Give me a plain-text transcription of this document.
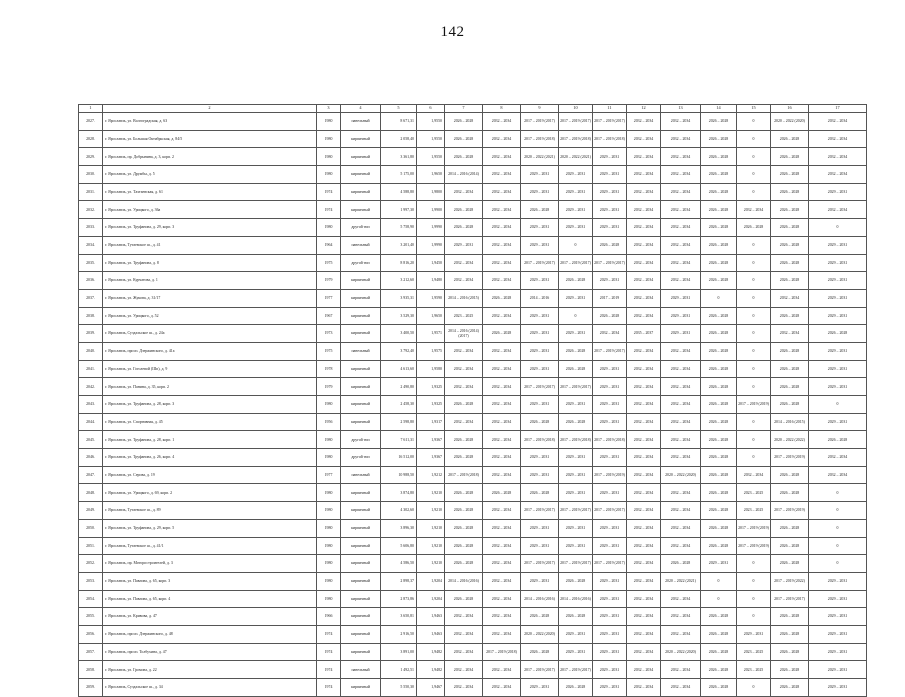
142
1	2	3	4	5	6	7	8	9	10	11	12	13	14	15	16	17
2027.	г. Ярославль, ул. Волгоградская, д. 63	1980	панельный	8 671,31	1,9550	2026 – 2028	2032 – 2034	2017 – 2019 (2017)	2017 – 2019 (2017)	2017 – 2019 (2017)	2032 – 2034	2032 – 2034	2026 – 2028	0	2020 – 2022 (2020)	2032 – 2034
2028.	г. Ярославль, ул. Большая Октябрьская, д. 84/5	1980	кирпичный	2 058,40	1,9550	2026 – 2028	2032 – 2034	2017 – 2019 (2018)	2017 – 2019 (2018)	2017 – 2019 (2018)	2032 – 2034	2032 – 2034	2026 – 2028	0	2026 – 2028	2032 – 2034
2029.	г. Ярославль, пр. Добрынина, д. 3, корп. 2	1980	кирпичный	3 361,80	1,9550	2026 – 2028	2032 – 2034	2020 – 2022 (2021)	2020 – 2022 (2021)	2029 – 2031	2032 – 2034	2032 – 2034	2026 – 2028	0	2026 – 2028	2032 – 2034
2030.	г. Ярославль, ул. Дружбы, д. 5	1980	кирпичный	5 175,00	1,9650	2014 – 2016 (2014)	2032 – 2034	2029 – 2031	2029 – 2031	2029 – 2031	2032 – 2034	2032 – 2034	2026 – 2028	0	2026 – 2028	2032 – 2034
2031.	г. Ярославль, ул. Тахтаевская, д. 61	1974	кирпичный	4 588,80	1,9800	2032 – 2034	2032 – 2034	2029 – 2031	2029 – 2031	2029 – 2031	2032 – 2034	2032 – 2034	2026 – 2028	0	2026 – 2028	2029 – 2031
2032.	г. Ярославль, ул. Урицкого, д. 36а	1974	кирпичный	1 997,30	1,9900	2026 – 2028	2032 – 2034	2026 – 2028	2029 – 2031	2029 – 2031	2032 – 2034	2032 – 2034	2026 – 2028	2032 – 2034	2026 – 2028	2032 – 2034
2033.	г. Ярославль, ул. Труфанова, д. 29, корп. 3	1980	другой тип	5 758,90	1,9990	2026 – 2028	2032 – 2034	2029 – 2031	2029 – 2031	2029 – 2031	2032 – 2034	2032 – 2034	2026 – 2028	2026 – 2028	2026 – 2028	0
2034.	г. Ярославль, Тутаевское ш., д. 41	1964	панельный	3 201,40	1,9990	2029 – 2031	2032 – 2034	2029 – 2031	0	2026 – 2028	2032 – 2034	2032 – 2034	2026 – 2028	0	2026 – 2028	2029 – 2031
2035.	г. Ярославль, ул. Труфанова, д. 8	1975	другой тип	8 816,20	1,9450	2032 – 2034	2032 – 2034	2017 – 2019 (2017)	2017 – 2019 (2017)	2017 – 2019 (2017)	2032 – 2034	2032 – 2034	2026 – 2028	0	2026 – 2028	2029 – 2031
2036.	г. Ярославль, ул. Курчатова, д. 1	1979	кирпичный	3 212,60	1,9480	2032 – 2034	2032 – 2034	2029 – 2031	2026 – 2028	2029 – 2031	2032 – 2034	2032 – 2034	2026 – 2028	0	2026 – 2028	2029 – 2031
2037.	г. Ярославль, ул. Жукова, д. 31/17	1977	кирпичный	3 935,31	1,9590	2014 – 2016 (2015)	2026 – 2028	2014 – 2016	2029 – 2031	2017 – 2019	2032 – 2034	2029 – 2031	0	0	2032 – 2034	2029 – 2031
2038.	г. Ярославль, ул. Урицкого, д. 52	1967	кирпичный	3 529,30	1,9650	2023 – 2025	2032 – 2034	2029 – 2031	0	2026 – 2028	2032 – 2034	2029 – 2031	2026 – 2028	0	2026 – 2028	2029 – 2031
2039.	г. Ярославль, Суздальское ш., д. 24а	1973	кирпичный	3 400,50	1,9571	2014 – 2016 (2014)(2017)	2026 – 2028	2029 – 2031	2029 – 2031	2032 – 2034	2035 – 2037	2029 – 2031	2026 – 2028	0	2032 – 2034	2026 – 2028
2040.	г. Ярославль, просп. Дзержинского, д. 41а	1975	панельный	3 792,40	1,9575	2032 – 2034	2032 – 2034	2029 – 2031	2026 – 2028	2017 – 2019 (2017)	2032 – 2034	2032 – 2034	2026 – 2028	0	2026 – 2028	2029 – 2031
2041.	г. Ярославль, ул. Гоголевой (Шп), д. 9	1978	кирпичный	4 613,60	1,9580	2032 – 2034	2032 – 2034	2029 – 2031	2026 – 2028	2029 – 2031	2032 – 2034	2032 – 2034	2026 – 2028	0	2026 – 2028	2029 – 2031
2042.	г. Ярославль, ул. Панина, д. 35, корп. 2	1979	кирпичный	2 490,80	1,9325	2032 – 2034	2032 – 2034	2017 – 2019 (2017)	2017 – 2019 (2017)	2029 – 2031	2032 – 2034	2032 – 2034	2026 – 2028	0	2026 – 2028	2029 – 2031
2043.	г. Ярославль, ул. Труфанова, д. 28, корп. 3	1980	кирпичный	2 458,30	1,9325	2026 – 2028	2032 – 2034	2029 – 2031	2029 – 2031	2029 – 2031	2032 – 2034	2032 – 2034	2026 – 2028	2017 – 2019 (2019)	2026 – 2028	0
2044.	г. Ярославль, ул. Спортивная, д. 45	1956	кирпичный	2 598,80	1,9317	2032 – 2034	2032 – 2034	2026 – 2028	2026 – 2028	2029 – 2031	2032 – 2034	2032 – 2034	2026 – 2028	0	2014 – 2016 (2015)	2029 – 2031
2045.	г. Ярославль, ул. Труфанова, д. 28, корп. 1	1980	другой тип	7 611,31	1,9367	2026 – 2028	2032 – 2034	2017 – 2019 (2018)	2017 – 2019 (2018)	2017 – 2019 (2018)	2032 – 2034	2032 – 2034	2026 – 2028	0	2020 – 2022 (2022)	2026 – 2028
2046.	г. Ярославль, ул. Труфанова, д. 26, корп. 4	1980	другой тип	16 512,00	1,9367	2026 – 2028	2032 – 2034	2029 – 2031	2029 – 2031	2029 – 2031	2032 – 2034	2032 – 2034	2026 – 2028	0	2017 – 2019 (2019)	2032 – 2034
2047.	г. Ярославль, ул. Серова, д. 19	1977	панельный	10 988,50	1,9212	2017 – 2019 (2018)	2032 – 2034	2029 – 2031	2029 – 2031	2017 – 2019 (2019)	2032 – 2034	2020 – 2022 (2020)	2026 – 2028	2032 – 2034	2026 – 2028	2032 – 2034
2048.	г. Ярославль, ул. Урицкого, д. 69, корп. 2	1980	кирпичный	3 874,80	1,9210	2026 – 2028	2026 – 2028	2026 – 2028	2029 – 2031	2029 – 2031	2032 – 2034	2032 – 2034	2026 – 2028	2023 – 2025	2026 – 2028	0
2049.	г. Ярославль, Тутаевское ш., д. 89	1980	кирпичный	4 302,60	1,9210	2026 – 2028	2032 – 2034	2017 – 2019 (2017)	2017 – 2019 (2017)	2017 – 2019 (2017)	2032 – 2034	2032 – 2034	2026 – 2028	2023 – 2025	2017 – 2019 (2019)	0
2050.	г. Ярославль, ул. Труфанова, д. 29, корп. 5	1980	кирпичный	3 896,30	1,9210	2026 – 2028	2032 – 2034	2029 – 2031	2029 – 2031	2029 – 2031	2032 – 2034	2032 – 2034	2026 – 2028	2017 – 2019 (2019)	2026 – 2028	0
2051.	г. Ярославль, Тутаевское ш., д. 41/1	1980	кирпичный	5 606,80	1,9210	2026 – 2028	2032 – 2034	2029 – 2031	2029 – 2031	2029 – 2031	2032 – 2034	2032 – 2034	2026 – 2028	2017 – 2019 (2019)	2026 – 2028	0
2052.	г. Ярославль, пр. Моторостроителей, д. 3	1980	кирпичный	4 586,50	1,9210	2026 – 2028	2032 – 2034	2017 – 2019 (2017)	2017 – 2019 (2017)	2017 – 2019 (2017)	2032 – 2034	2026 – 2028	2029 – 2031	0	2026 – 2028	0
2053.	г. Ярославль, ул. Павлова, д. 65, корп. 3	1980	кирпичный	2 898,37	1,9204	2014 – 2016 (2016)	2032 – 2034	2029 – 2031	2026 – 2028	2029 – 2031	2032 – 2034	2020 – 2022 (2021)	0	0	2017 – 2019 (2022)	2029 – 2031
2054.	г. Ярославль, ул. Павлова, д. 65, корп. 4	1980	кирпичный	2 873,86	1,9204	2026 – 2028	2032 – 2034	2014 – 2016 (2016)	2014 – 2016 (2016)	2029 – 2031	2032 – 2034	2032 – 2034	0	0	2017 – 2019 (2017)	2029 – 2031
2055.	г. Ярославль, ул. Кривова, д. 47	1966	кирпичный	3 650,81	1,9463	2032 – 2034	2032 – 2034	2026 – 2028	2026 – 2028	2029 – 2031	2032 – 2034	2032 – 2034	2026 – 2028	0	2026 – 2028	2029 – 2031
2056.	г. Ярославль, просп. Дзержинского, д. 48	1974	кирпичный	2 916,50	1,9463	2032 – 2034	2032 – 2034	2020 – 2022 (2020)	2029 – 2031	2029 – 2031	2032 – 2034	2032 – 2034	2026 – 2028	2029 – 2031	2026 – 2028	2029 – 2031
2057.	г. Ярославль, просп. Толбухина, д. 47	1974	кирпичный	3 891,00	1,9482	2032 – 2034	2017 – 2019 (2018)	2026 – 2028	2029 – 2031	2029 – 2031	2032 – 2034	2020 – 2022 (2020)	2026 – 2028	2023 – 2025	2026 – 2028	2029 – 2031
2058.	г. Ярославль, ул. Громова, д. 22	1974	панельный	1 492,51	1,9482	2032 – 2034	2032 – 2034	2017 – 2019 (2017)	2017 – 2019 (2017)	2029 – 2031	2032 – 2034	2032 – 2034	2026 – 2028	2023 – 2025	2026 – 2028	2029 – 2031
2059.	г. Ярославль, Суздальское ш., д. 34	1974	кирпичный	5 550,30	1,9467	2032 – 2034	2032 – 2034	2029 – 2031	2026 – 2028	2029 – 2031	2032 – 2034	2032 – 2034	2026 – 2028	0	2026 – 2028	2029 – 2031
